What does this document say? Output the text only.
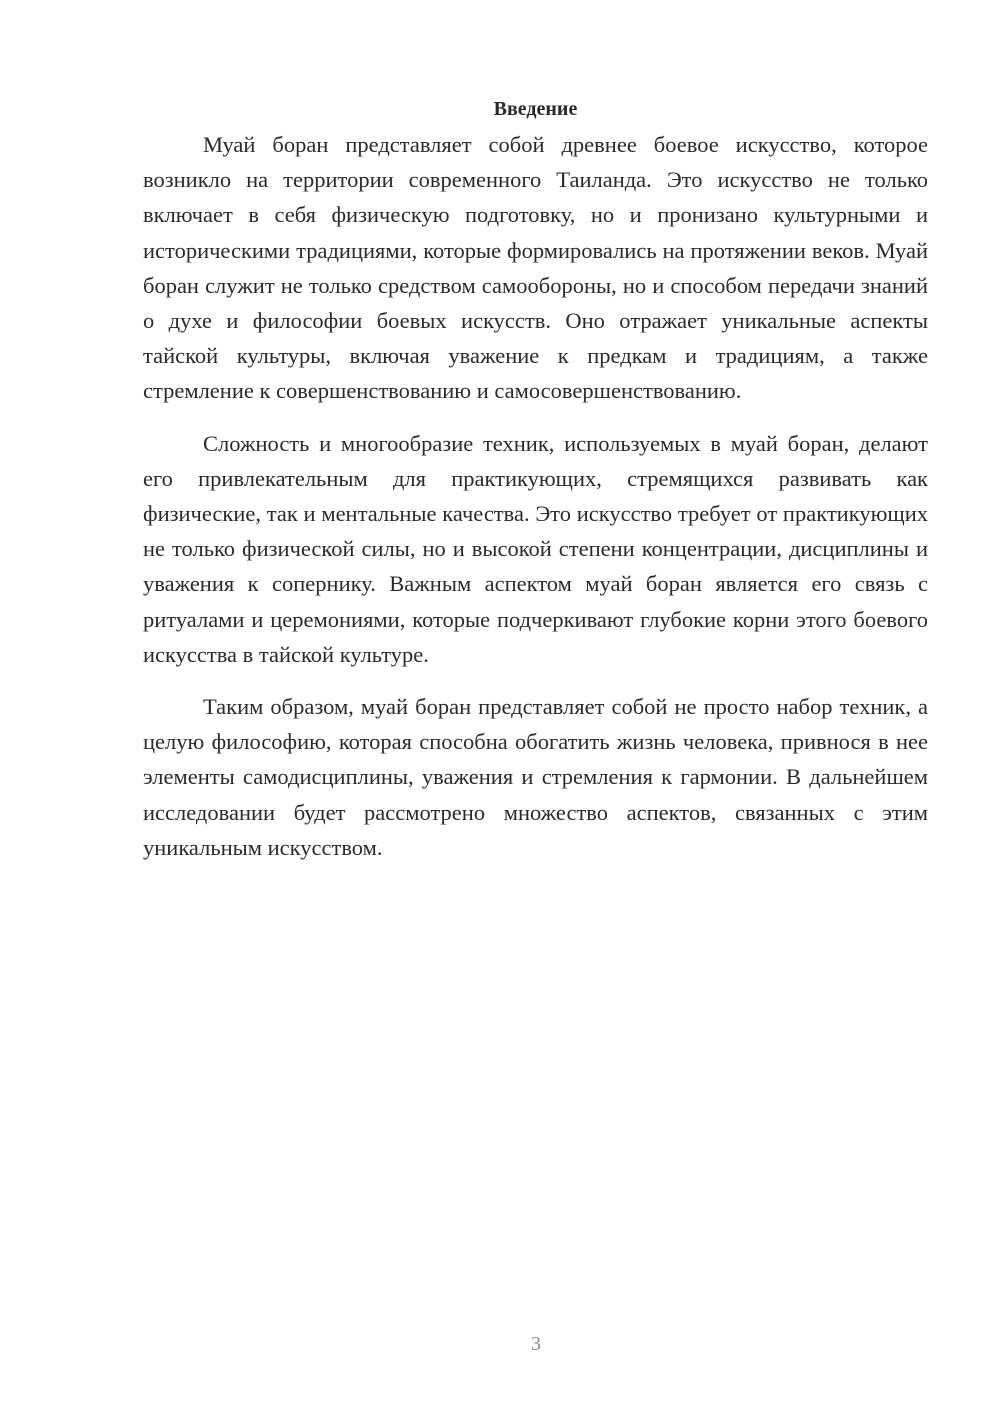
Введение

Муай боран представляет собой древнее боевое искусство, которое возникло на территории современного Таиланда. Это искусство не только включает в себя физическую подготовку, но и пронизано культурными и историческими традициями, которые формировались на протяжении веков. Муай боран служит не только средством самообороны, но и способом передачи знаний о духе и философии боевых искусств. Оно отражает уникальные аспекты тайской культуры, включая уважение к предкам и традициям, а также стремление к совершенствованию и самосовершенствованию.

Сложность и многообразие техник, используемых в муай боран, делают его привлекательным для практикующих, стремящихся развивать как физические, так и ментальные качества. Это искусство требует от практикующих не только физической силы, но и высокой степени концентрации, дисциплины и уважения к сопернику. Важным аспектом муай боран является его связь с ритуалами и церемониями, которые подчеркивают глубокие корни этого боевого искусства в тайской культуре.

Таким образом, муай боран представляет собой не просто набор техник, а целую философию, которая способна обогатить жизнь человека, привнося в нее элементы самодисциплины, уважения и стремления к гармонии. В дальнейшем исследовании будет рассмотрено множество аспектов, связанных с этим уникальным искусством.

3
